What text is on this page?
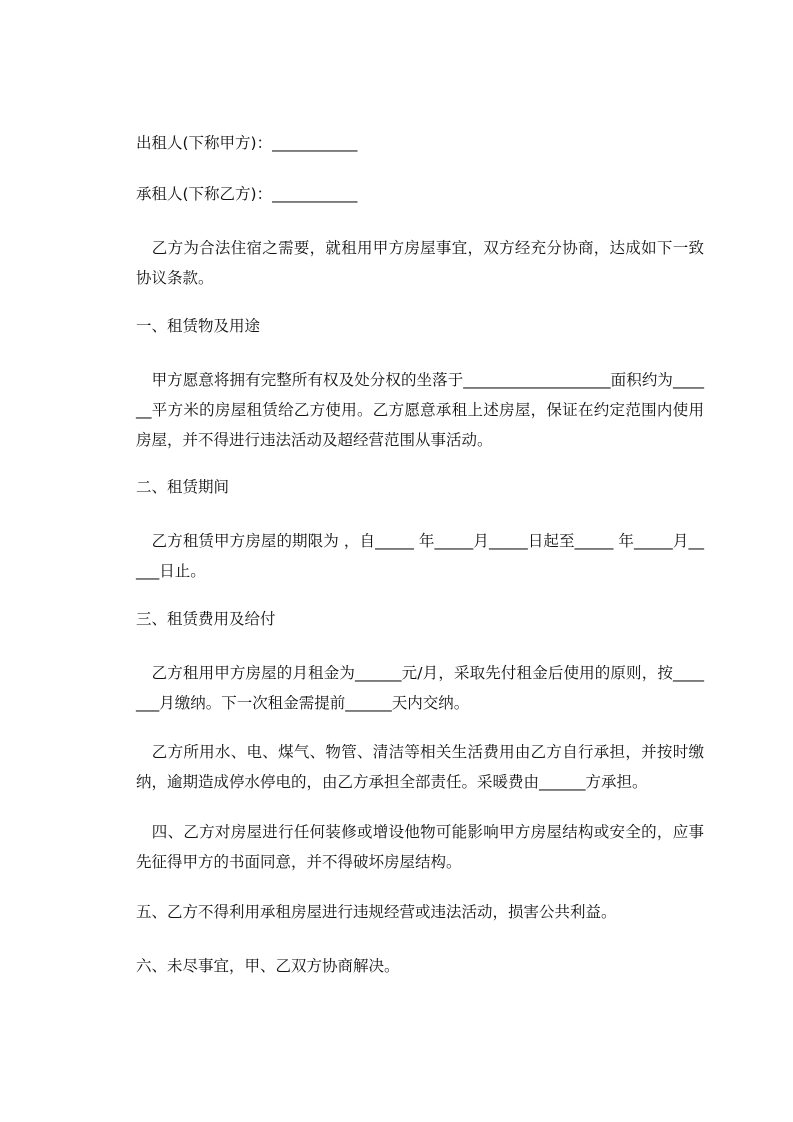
出租人(下称甲方)：___________

承租人(下称乙方)：___________

　乙方为合法住宿之需要，就租用甲方房屋事宜，双方经充分协商，达成如下一致协议条款。

一、租赁物及用途

　甲方愿意将拥有完整所有权及处分权的坐落于___________________面积约为______平方米的房屋租赁给乙方使用。乙方愿意承租上述房屋，保证在约定范围内使用房屋，并不得进行违法活动及超经营范围从事活动。

二、租赁期间

　乙方租赁甲方房屋的期限为 ，自_____ 年_____月_____日起至_____ 年_____月_____日止。

三、租赁费用及给付

　乙方租用甲方房屋的月租金为______元/月，采取先付租金后使用的原则，按_______月缴纳。下一次租金需提前______天内交纳。

　乙方所用水、电、煤气、物管、清洁等相关生活费用由乙方自行承担，并按时缴纳，逾期造成停水停电的，由乙方承担全部责任。采暖费由______方承担。

　四、乙方对房屋进行任何装修或增设他物可能影响甲方房屋结构或安全的，应事先征得甲方的书面同意，并不得破坏房屋结构。

五、乙方不得利用承租房屋进行违规经营或违法活动，损害公共利益。

六、未尽事宜，甲、乙双方协商解决。
